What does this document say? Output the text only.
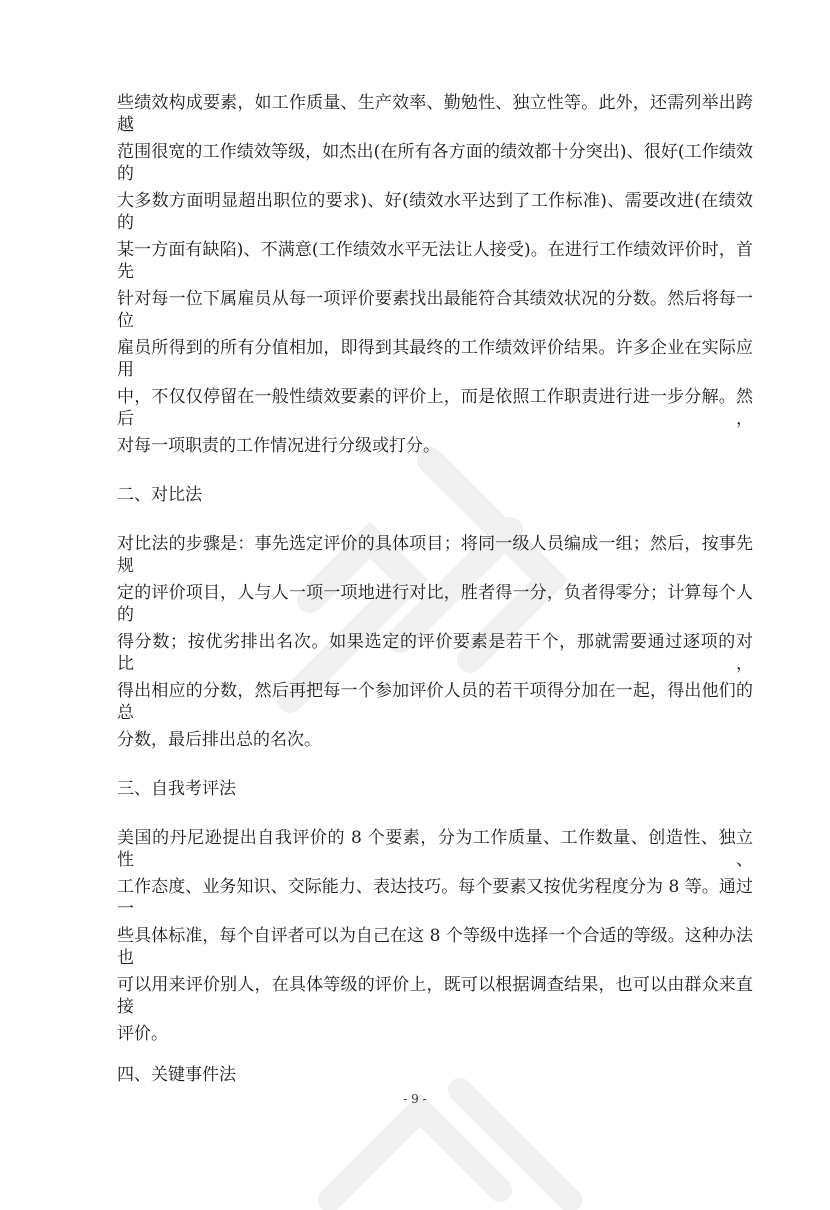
些绩效构成要素，如工作质量、生产效率、勤勉性、独立性等。此外，还需列举出跨越
范围很宽的工作绩效等级，如杰出(在所有各方面的绩效都十分突出)、很好(工作绩效的
大多数方面明显超出职位的要求)、好(绩效水平达到了工作标准)、需要改进(在绩效的
某一方面有缺陷)、不满意(工作绩效水平无法让人接受)。在进行工作绩效评价时，首先
针对每一位下属雇员从每一项评价要素找出最能符合其绩效状况的分数。然后将每一位
雇员所得到的所有分值相加，即得到其最终的工作绩效评价结果。许多企业在实际应用
中，不仅仅停留在一般性绩效要素的评价上，而是依照工作职责进行进一步分解。然后，
对每一项职责的工作情况进行分级或打分。
二、对比法
对比法的步骤是：事先选定评价的具体项目；将同一级人员编成一组；然后，按事先规
定的评价项目，人与人一项一项地进行对比，胜者得一分，负者得零分；计算每个人的
得分数；按优劣排出名次。如果选定的评价要素是若干个，那就需要通过逐项的对比，
得出相应的分数，然后再把每一个参加评价人员的若干项得分加在一起，得出他们的总
分数，最后排出总的名次。
三、自我考评法
美国的丹尼逊提出自我评价的 8 个要素，分为工作质量、工作数量、创造性、独立性、
工作态度、业务知识、交际能力、表达技巧。每个要素又按优劣程度分为 8 等。通过一
些具体标准，每个自评者可以为自己在这 8 个等级中选择一个合适的等级。这种办法也
可以用来评价别人，在具体等级的评价上，既可以根据调查结果，也可以由群众来直接
评价。
四、关键事件法
- 9 -
